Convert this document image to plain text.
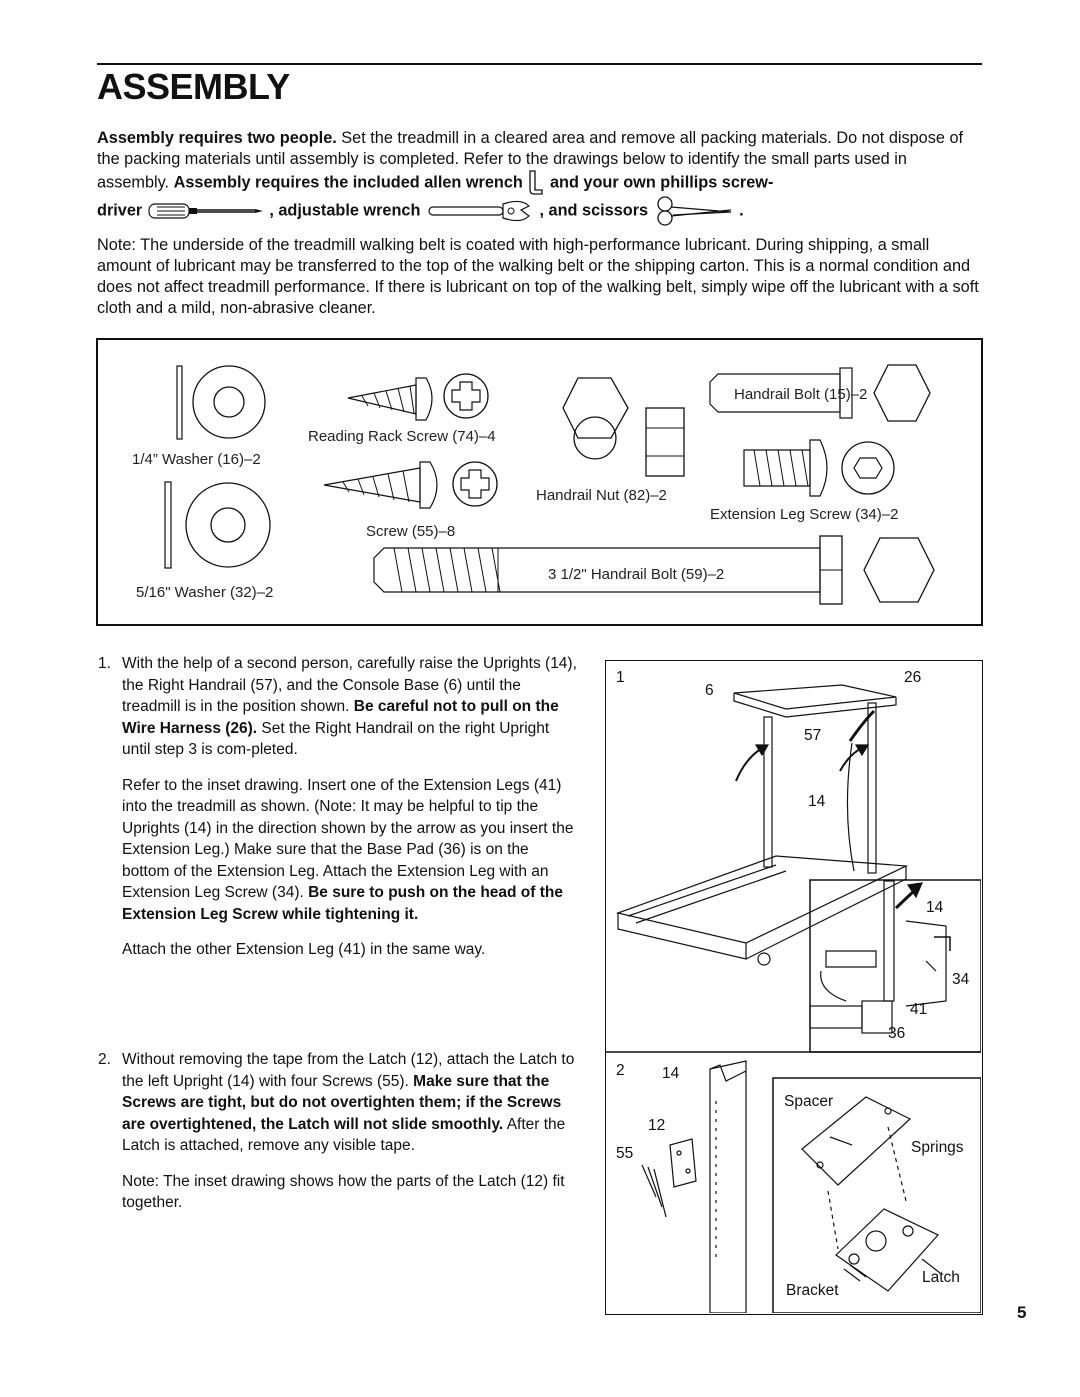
ASSEMBLY

Assembly requires two people. Set the treadmill in a cleared area and remove all packing materials. Do not dispose of the packing materials until assembly is completed. Refer to the drawings below to identify the small parts used in assembly. Assembly requires the included allen wrench and your own phillips screw-

driver	, adjustable wrench	, and scissors	.

Note: The underside of the treadmill walking belt is coated with high-performance lubricant. During shipping, a small amount of lubricant may be transferred to the top of the walking belt or the shipping carton. This is a normal condition and does not affect treadmill performance. If there is lubricant on top of the walking belt, simply wipe off the lubricant with a soft cloth and a mild, non-abrasive cleaner.
1/4” Washer (16)–2
5/16" Washer (32)–2
Reading Rack Screw (74)–4
Screw (55)–8
Handrail Nut (82)–2
Handrail Bolt (15)–2
Extension Leg Screw (34)–2
3 1/2" Handrail Bolt (59)–2
1. With the help of a second person, carefully raise the Uprights (14), the Right Handrail (57), and the Console Base (6) until the treadmill is in the position shown. Be careful not to pull on the Wire Harness (26). Set the Right Handrail on the right Upright until step 3 is com-pleted.

Refer to the inset drawing. Insert one of the Extension Legs (41) into the treadmill as shown. (Note: It may be helpful to tip the Uprights (14) in the direction shown by the arrow as you insert the Extension Leg.) Make sure that the Base Pad (36) is on the bottom of the Extension Leg. Attach the Extension Leg with an Extension Leg Screw (34). Be sure to push on the head of the Extension Leg Screw while tightening it.

Attach the other Extension Leg (41) in the same way.

2. Without removing the tape from the Latch (12), attach the Latch to the left Upright (14) with four Screws (55). Make sure that the Screws are tight, but do not overtighten them; if the Screws are overtightened, the Latch will not slide smoothly. After the Latch is attached, remove any visible tape.

Note: The inset drawing shows how the parts of the Latch (12) fit together.

1
6
26
57
14
14
34
41
36
2 14
12
55
Spacer
Springs
Latch
Bracket
5
